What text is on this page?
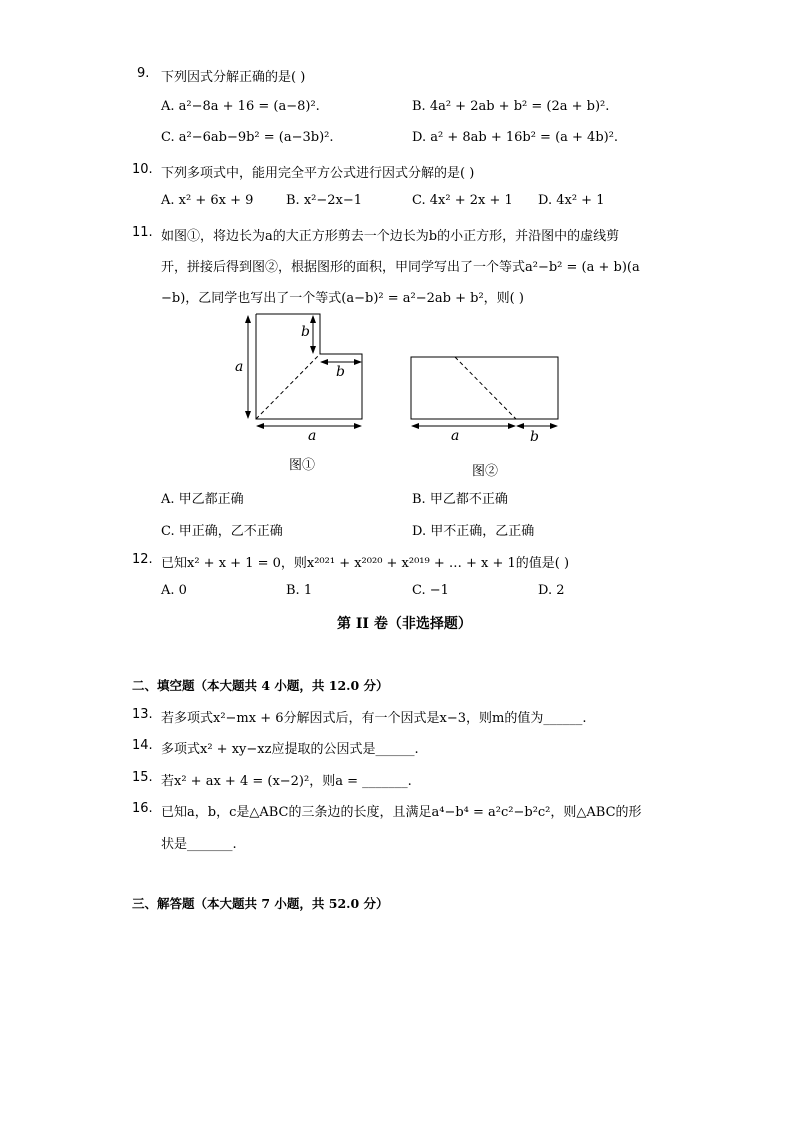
9. 下列因式分解正确的是( )
A. a²−8a + 16 = (a−8)².	B. 4a² + 2ab + b² = (2a + b)².
C. a²−6ab−9b² = (a−3b)².	D. a² + 8ab + 16b² = (a + 4b)².
10. 下列多项式中，能用完全平方公式进行因式分解的是( )
A. x² + 6x + 9	B. x²−2x−1	C. 4x² + 2x + 1 D. 4x² + 1
11. 如图①，将边长为a的大正方形剪去一个边长为b的小正方形，并沿图中的虚线剪
开，拼接后得到图②，根据图形的面积，甲同学写出了一个等式a²−b² = (a + b)(a
−b)，乙同学也写出了一个等式(a−b)² = a²−2ab + b²，则( )
a
b
b
a	a	b
图①	图②
A. 甲乙都正确	B. 甲乙都不正确
C. 甲正确，乙不正确	D. 甲不正确，乙正确
12. 已知x² + x + 1 = 0，则x²⁰²¹ + x²⁰²⁰ + x²⁰¹⁹ + … + x + 1的值是( )
A. 0	B. 1	C. −1	D. 2
第 II 卷（非选择题）
二、填空题（本大题共 4 小题，共 12.0 分）
13. 若多项式x²−mx + 6分解因式后，有一个因式是x−3，则m的值为______.
14. 多项式x² + xy−xz应提取的公因式是______.
15. 若x² + ax + 4 = (x−2)²，则a = _______.
16. 已知a，b，c是△ABC的三条边的长度，且满足a⁴−b⁴ = a²c²−b²c²，则△ABC的形
状是_______.
三、解答题（本大题共 7 小题，共 52.0 分）
